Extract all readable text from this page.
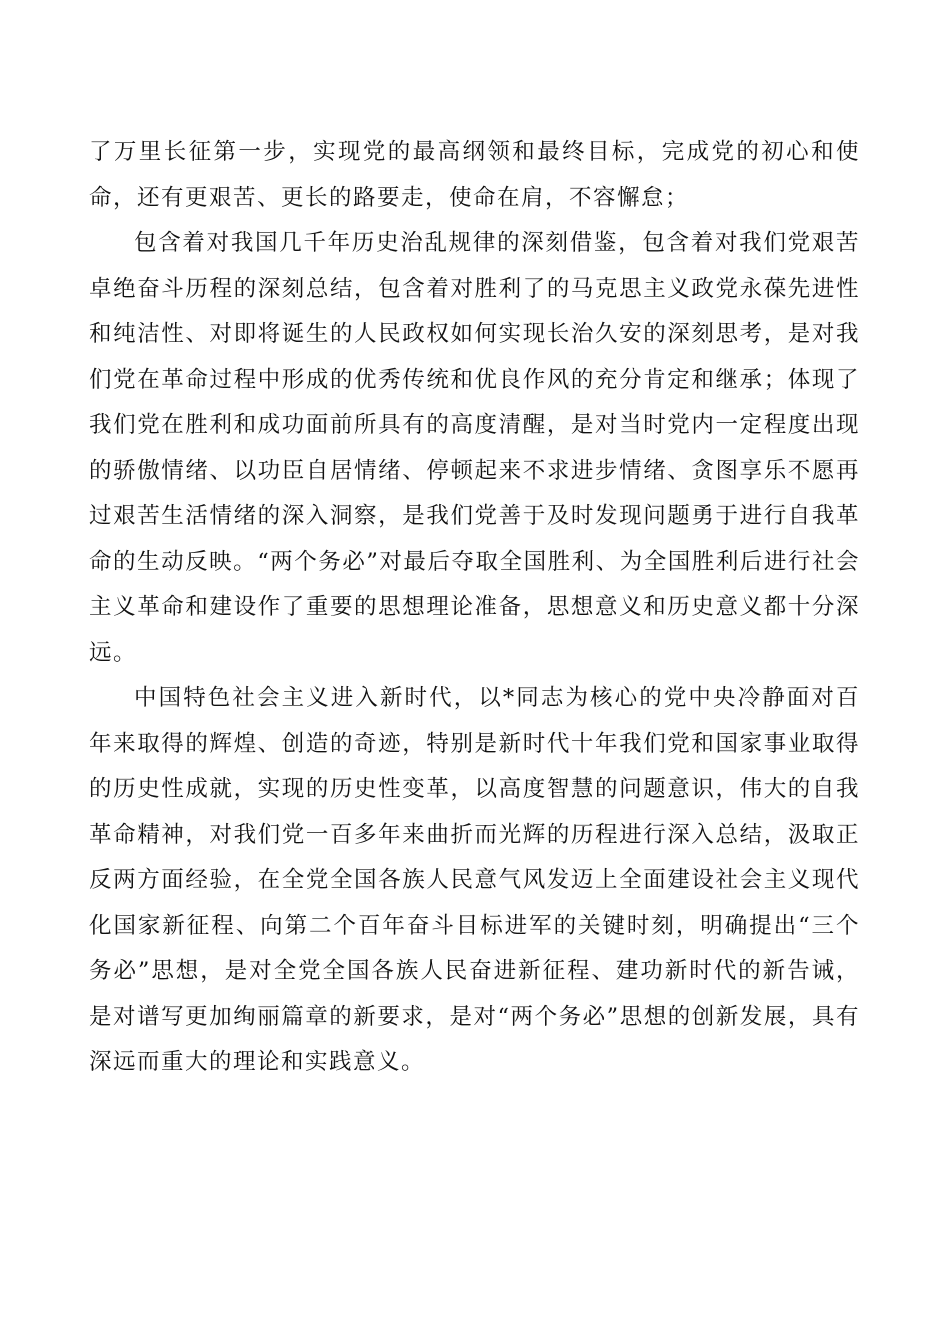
了万里长征第一步，实现党的最高纲领和最终目标，完成党的初心和使命，还有更艰苦、更长的路要走，使命在肩，不容懈怠；

包含着对我国几千年历史治乱规律的深刻借鉴，包含着对我们党艰苦卓绝奋斗历程的深刻总结，包含着对胜利了的马克思主义政党永葆先进性和纯洁性、对即将诞生的人民政权如何实现长治久安的深刻思考，是对我们党在革命过程中形成的优秀传统和优良作风的充分肯定和继承；体现了我们党在胜利和成功面前所具有的高度清醒，是对当时党内一定程度出现的骄傲情绪、以功臣自居情绪、停顿起来不求进步情绪、贪图享乐不愿再过艰苦生活情绪的深入洞察，是我们党善于及时发现问题勇于进行自我革命的生动反映。“两个务必”对最后夺取全国胜利、为全国胜利后进行社会主义革命和建设作了重要的思想理论准备，思想意义和历史意义都十分深远。

中国特色社会主义进入新时代，以*同志为核心的党中央冷静面对百年来取得的辉煌、创造的奇迹，特别是新时代十年我们党和国家事业取得的历史性成就，实现的历史性变革，以高度智慧的问题意识，伟大的自我革命精神，对我们党一百多年来曲折而光辉的历程进行深入总结，汲取正反两方面经验，在全党全国各族人民意气风发迈上全面建设社会主义现代化国家新征程、向第二个百年奋斗目标进军的关键时刻，明确提出“三个务必”思想，是对全党全国各族人民奋进新征程、建功新时代的新告诫，是对谱写更加绚丽篇章的新要求，是对“两个务必”思想的创新发展，具有深远而重大的理论和实践意义。
